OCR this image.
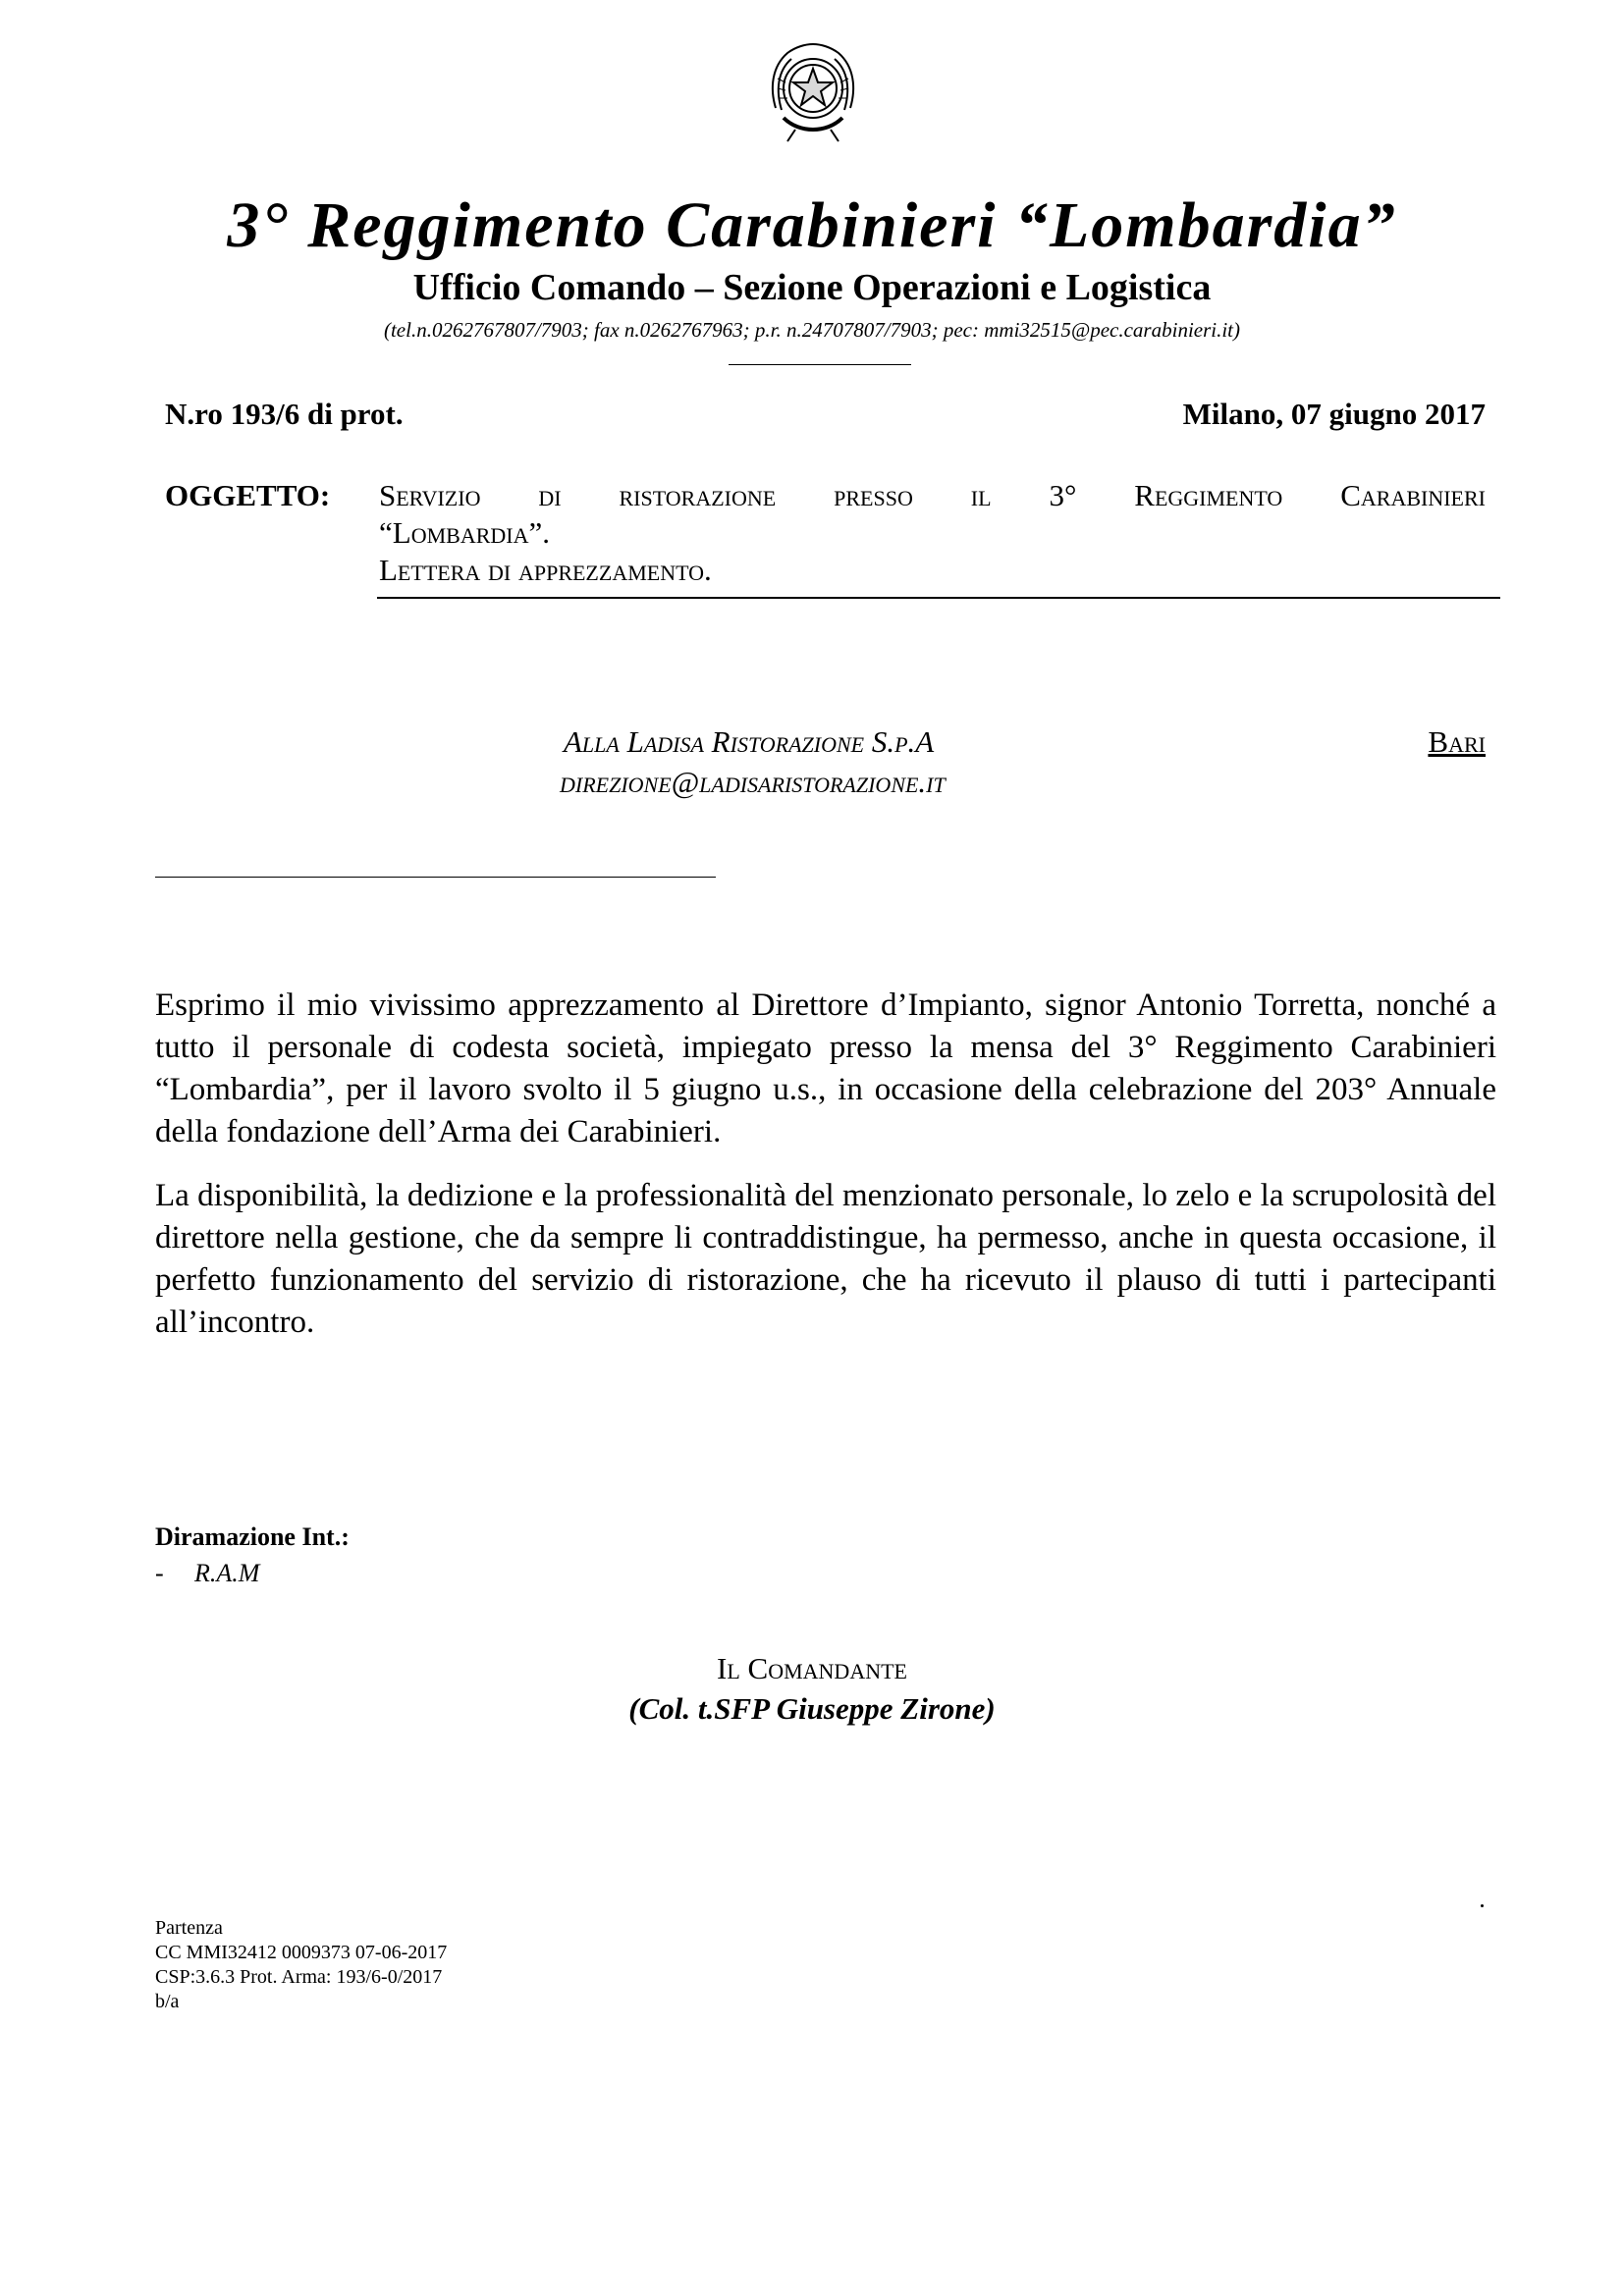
3° Reggimento Carabinieri “Lombardia”
Ufficio Comando – Sezione Operazioni e Logistica
(tel.n.0262767807/7903; fax n.0262767963; p.r. n.24707807/7903; pec: mmi32515@pec.carabinieri.it)
N.ro 193/6 di prot.	Milano, 07 giugno 2017
OGGETTO: Servizio di ristorazione presso il 3° Reggimento Carabinieri
“Lombardia”.
Lettera di apprezzamento.
Alla Ladisa Ristorazione S.p.A
direzione@ladisaristorazione.it
Bari

Esprimo il mio vivissimo apprezzamento al Direttore d’Impianto, signor Antonio Torretta, nonché a tutto il personale di codesta società, impiegato presso la mensa del 3° Reggimento Carabinieri “Lombardia”, per il lavoro svolto il 5 giugno u.s., in occasione della celebrazione del 203° Annuale della fondazione dell’Arma dei Carabinieri.

La disponibilità, la dedizione e la professionalità del menzionato personale, lo zelo e la scrupolosità del direttore nella gestione, che da sempre li contraddistingue, ha permesso, anche in questa occasione, il perfetto funzionamento del servizio di ristorazione, che ha ricevuto il plauso di tutti i partecipanti all’incontro.

Diramazione Int.:
- R.A.M
Il Comandante
(Col. t.SFP Giuseppe Zirone)
Partenza
CC MMI32412 0009373 07-06-2017
CSP:3.6.3 Prot. Arma: 193/6-0/2017
b/a
